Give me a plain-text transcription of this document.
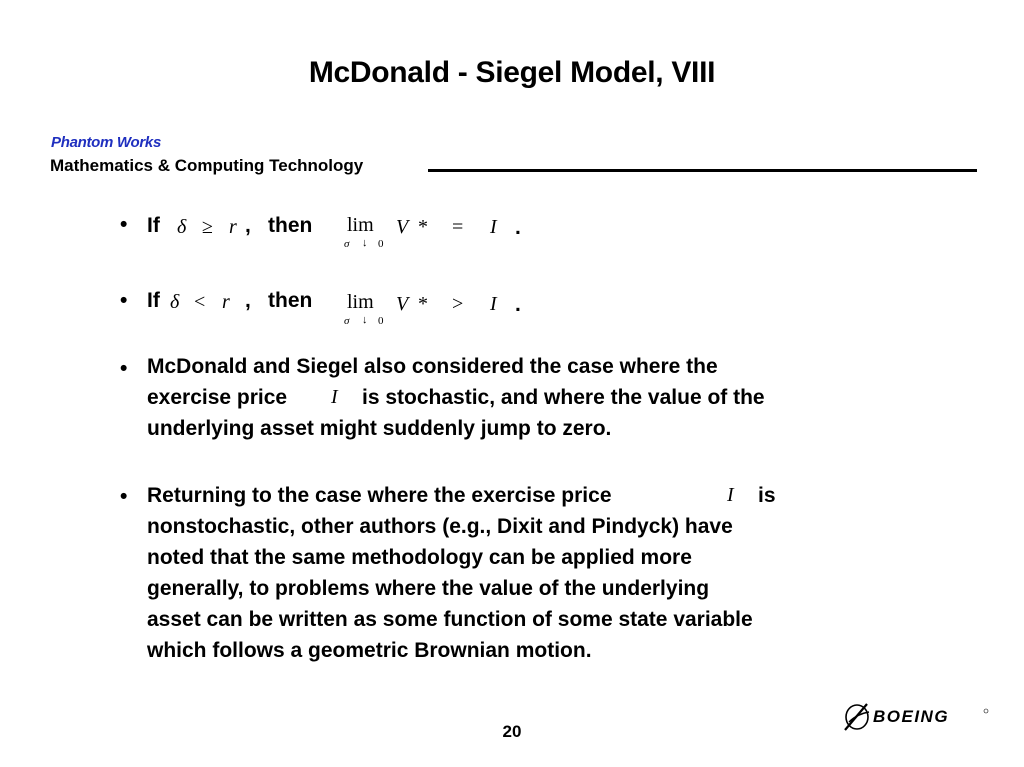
McDonald - Siegel Model, VIII
Phantom Works
Mathematics & Computing Technology
• If δ ≥ r , then lim
σ ↓ 0
V * = I .
• If δ < r , then lim
σ ↓ 0
V * > I .
• McDonald and Siegel also considered the case where the
exercise price I is stochastic, and where the value of the
underlying asset might suddenly jump to zero.
• Returning to the case where the exercise price	I is
nonstochastic, other authors (e.g., Dixit and Pindyck) have
noted that the same methodology can be applied more
generally, to problems where the value of the underlying
asset can be written as some function of some state variable
which follows a geometric Brownian motion.
20
BOEING
